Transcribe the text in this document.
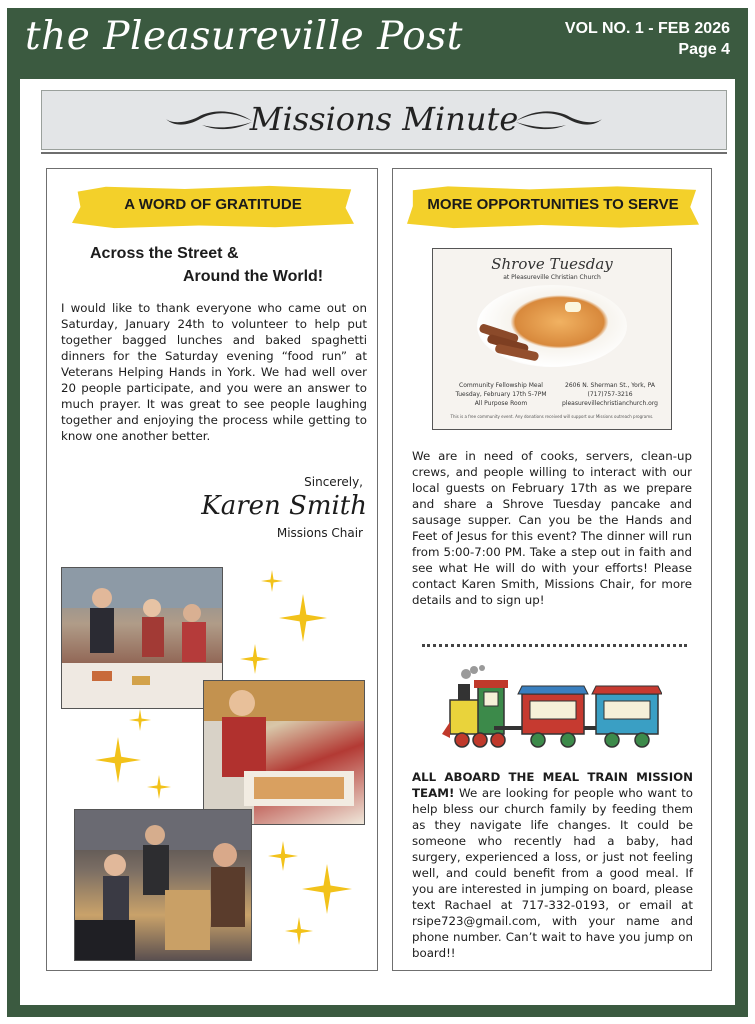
the Pleasureville Post	VOL NO. 1 - FEB 2026
Page 4
Missions Minute
A WORD OF GRATITUDE
Across the Street &
Around the World!
I would like to thank everyone who came out on Saturday, January 24th to volunteer to help put together bagged lunches and baked spaghetti dinners for the Saturday evening “food run” at Veterans Helping Hands in York. We had well over 20 people participate, and you were an answer to much prayer. It was great to see people laughing together and enjoying the process while getting to know one another better.
Sincerely,
Karen Smith
Missions Chair
MORE OPPORTUNITIES TO SERVE
Shrove Tuesday
at Pleasureville Christian Church
Community Fellowship Meal
Tuesday, February 17th 5-7PM
All Purpose Room
2606 N. Sherman St., York, PA
(717)757-3216
pleasurevillechristianchurch.org
This is a free community event. Any donations received will support our Missions outreach programs.
We are in need of cooks, servers, clean-up crews, and people willing to interact with our local guests on February 17th as we prepare and share a Shrove Tuesday pancake and sausage supper. Can you be the Hands and Feet of Jesus for this event? The dinner will run from 5:00-7:00 PM. Take a step out in faith and see what He will do with your efforts! Please contact Karen Smith, Missions Chair, for more details and to sign up!
ALL ABOARD THE MEAL TRAIN MISSION TEAM! We are looking for people who want to help bless our church family by feeding them as they navigate life changes. It could be someone who recently had a baby, had surgery, experienced a loss, or just not feeling well, and could benefit from a good meal. If you are interested in jumping on board, please text Rachael at 717-332-0193, or email at rsipe723@gmail.com, with your name and phone number. Can’t wait to have you jump on board!!
